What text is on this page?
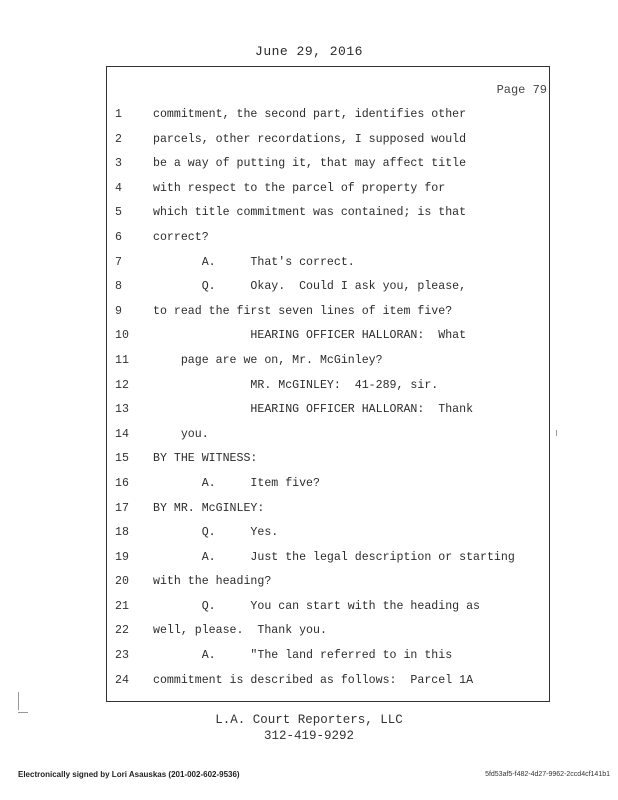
June 29, 2016
Page 79
1	commitment, the second part, identifies other
2	parcels, other recordations, I supposed would
3	be a way of putting it, that may affect title
4	with respect to the parcel of property for
5	which title commitment was contained; is that
6	correct?
7	A.     That's correct.
8	Q.     Okay.  Could I ask you, please,
9	to read the first seven lines of item five?
10	HEARING OFFICER HALLORAN:  What
11	page are we on, Mr. McGinley?
12	MR. McGINLEY:  41-289, sir.
13	HEARING OFFICER HALLORAN:  Thank
14	you.
15	BY THE WITNESS:
16	A.     Item five?
17	BY MR. McGINLEY:
18	Q.     Yes.
19	A.     Just the legal description or starting
20	with the heading?
21	Q.     You can start with the heading as
22	well, please.  Thank you.
23	A.     "The land referred to in this
24	commitment is described as follows:  Parcel 1A
L.A. Court Reporters, LLC
312-419-9292
Electronically signed by Lori Asauskas (201-002-602-9536)	5fd53af5-f482-4d27-9962-2ccd4cf141b1
